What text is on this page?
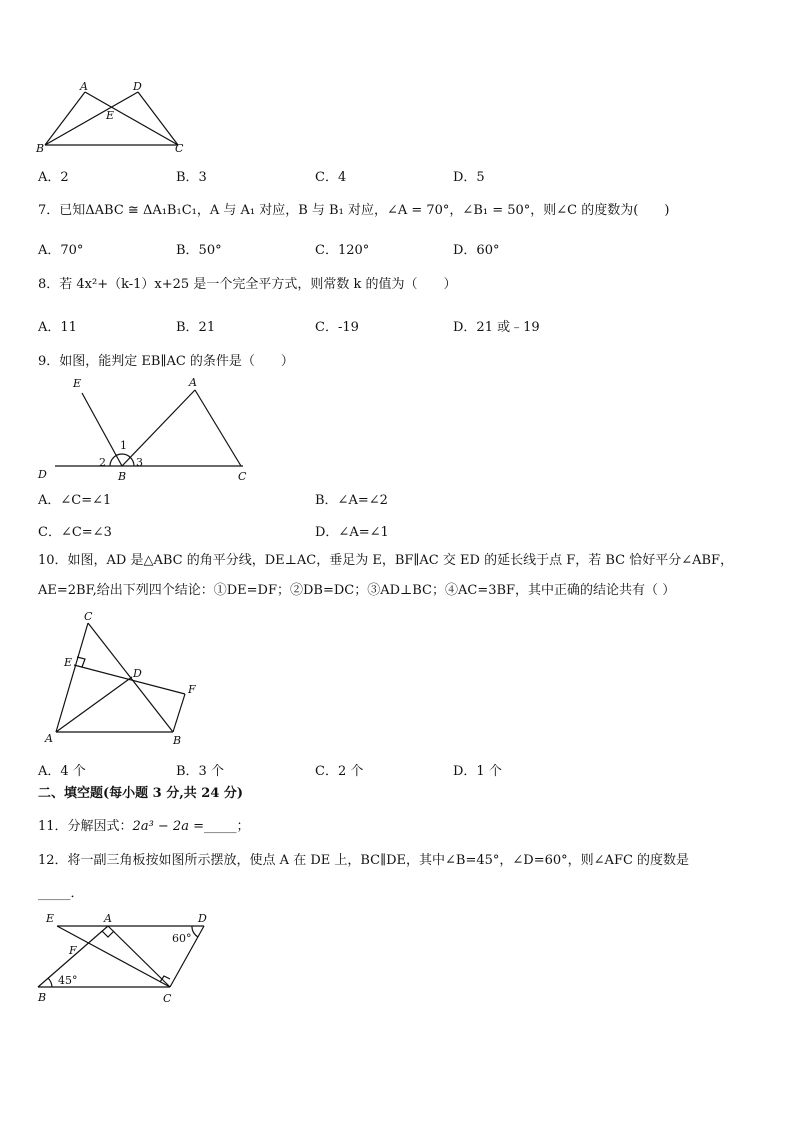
A	D
E
B	C
A．2	B．3	C．4	D．5
7．已知ΔABC ≅ ΔA₁B₁C₁，A 与 A₁ 对应，B 与 B₁ 对应，∠A = 70°，∠B₁ = 50°，则∠C 的度数为(　　)
A．70°	B．50°	C．120°	D．60°
8．若 4x²+（k-1）x+25 是一个完全平方式，则常数 k 的值为（　　）
A．11	B．21	C．-19	D．21 或﹣19
9．如图，能判定 EB∥AC 的条件是（　　）
E	A
D	B	C
1
2	3
A．∠C=∠1	B．∠A=∠2
C．∠C=∠3	D．∠A=∠1
10．如图，AD 是△ABC 的角平分线，DE⊥AC，垂足为 E，BF∥AC 交 ED 的延长线于点 F，若 BC 恰好平分∠ABF，
AE=2BF,给出下列四个结论：①DE=DF；②DB=DC；③AD⊥BC；④AC=3BF，其中正确的结论共有（ ）
C
E
D
F
A	B
A．4 个	B．3 个	C．2 个	D．1 个
二、填空题(每小题 3 分,共 24 分)
11．分解因式：2a³ − 2a =_____；
12．将一副三角板按如图所示摆放，使点 A 在 DE 上，BC∥DE，其中∠B=45°，∠D=60°，则∠AFC 的度数是
_____．
E	A	D
F
B	C
60°
45°
